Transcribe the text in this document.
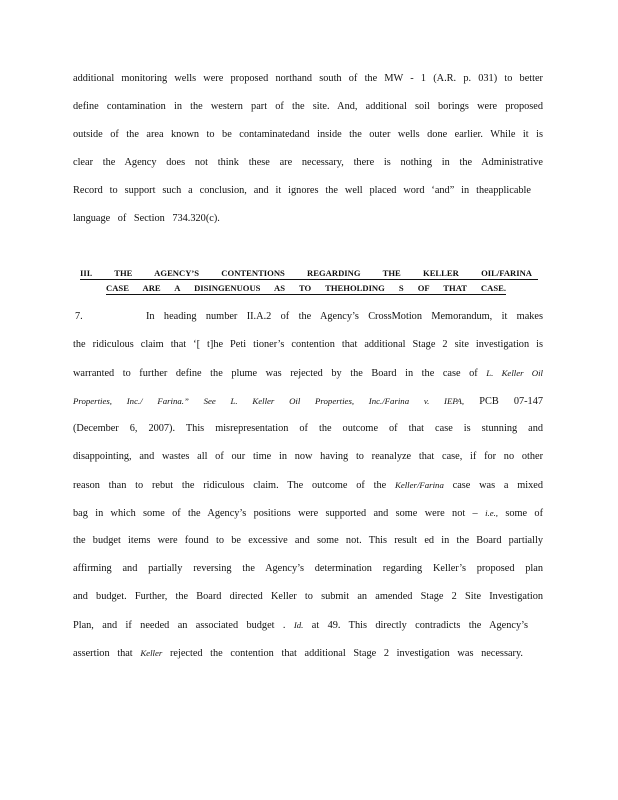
additional monitoring wells were proposed northand south of the MW - 1 (A.R. p. 031) to better
define contamination in the western part of the site. And, additional soil borings were proposed
outside of the area known to be contaminatedand inside the outer wells done earlier. While it is
clear the Agency does not think these are necessary, there is nothing in the Administrative
Record to support such a conclusion, and it ignores the well placed word ‘and” in theapplicable
language of Section 734.320(c).
III. THE AGENCY’S CONTENTIONS REGARDING THE KELLER OIL/FARINA
CASE ARE A DISINGENUOUS AS TO THEHOLDING S OF THAT CASE.
7.	In heading number II.A.2 of the Agency’s CrossMotion Memorandum, it makes
the ridiculous claim that ‘[ t]he Peti tioner’s contention that additional Stage 2 site investigation is
warranted to further define the plume was rejected by the Board in the case of L. Keller Oil
Properties, Inc./ Farina.” See L. Keller Oil Properties, Inc./Farina v. IEPA, PCB 07-147
(December 6, 2007). This misrepresentation of the outcome of that case is stunning and
disappointing, and wastes all of our time in now having to reanalyze that case, if for no other
reason than to rebut the ridiculous claim. The outcome of the Keller/Farina case was a mixed
bag in which some of the Agency’s positions were supported and some were not – i.e., some of
the budget items were found to be excessive and some not. This result ed in the Board partially
affirming and partially reversing the Agency’s determination regarding Keller’s proposed plan
and budget. Further, the Board directed Keller to submit an amended Stage 2 Site Investigation
Plan, and if needed an associated budget . Id. at 49. This directly contradicts the Agency’s
assertion that Keller rejected the contention that additional Stage 2 investigation was necessary.
